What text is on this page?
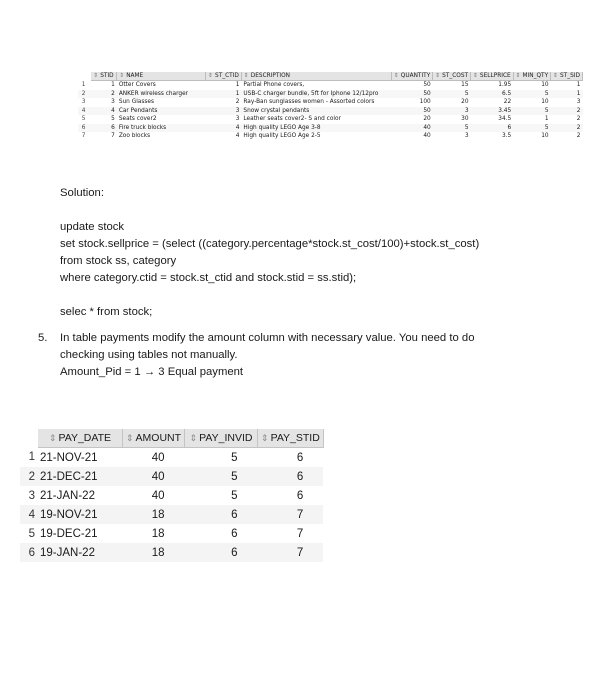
	⇕ STID	⇕ NAME	⇕ ST_CTID	⇕ DESCRIPTION	⇕ QUANTITY	⇕ ST_COST	⇕ SELLPRICE	⇕ MIN_QTY	⇕ ST_SID
1	1	Otter Covers	1	Partial Phone covers,	50	15	1.95	10	1
2	2	ANKER wireless charger	1	USB-C charger bundle, 5ft for Iphone 12/12pro	50	5	6.5	5	1
3	3	Sun Glasses	2	Ray-Ban sunglasses women - Assorted colors	100	20	22	10	3
4	4	Car Pendants	3	Snow crystal pendants	50	3	3.45	5	2
5	5	Seats cover2	3	Leather seats cover2- S and color	20	30	34.5	1	2
6	6	Fire truck blocks	4	High quality LEGO Age 3-8	40	5	6	5	2
7	7	Zoo blocks	4	High quality LEGO Age 2-5	40	3	3.5	10	2
Solution:
update stock
set stock.sellprice = (select ((category.percentage*stock.st_cost/100)+stock.st_cost)
from stock ss, category
where category.ctid = stock.st_ctid and stock.stid = ss.stid);
selec * from stock;
5. In table payments modify the amount column with necessary value. You need to do
checking using tables not manually.
Amount_Pid = 1 → 3 Equal payment
	⇕ PAY_DATE	⇕ AMOUNT	⇕ PAY_INVID	⇕ PAY_STID
1	21-NOV-21	40	5	6
2	21-DEC-21	40	5	6
3	21-JAN-22	40	5	6
4	19-NOV-21	18	6	7
5	19-DEC-21	18	6	7
6	19-JAN-22	18	6	7
